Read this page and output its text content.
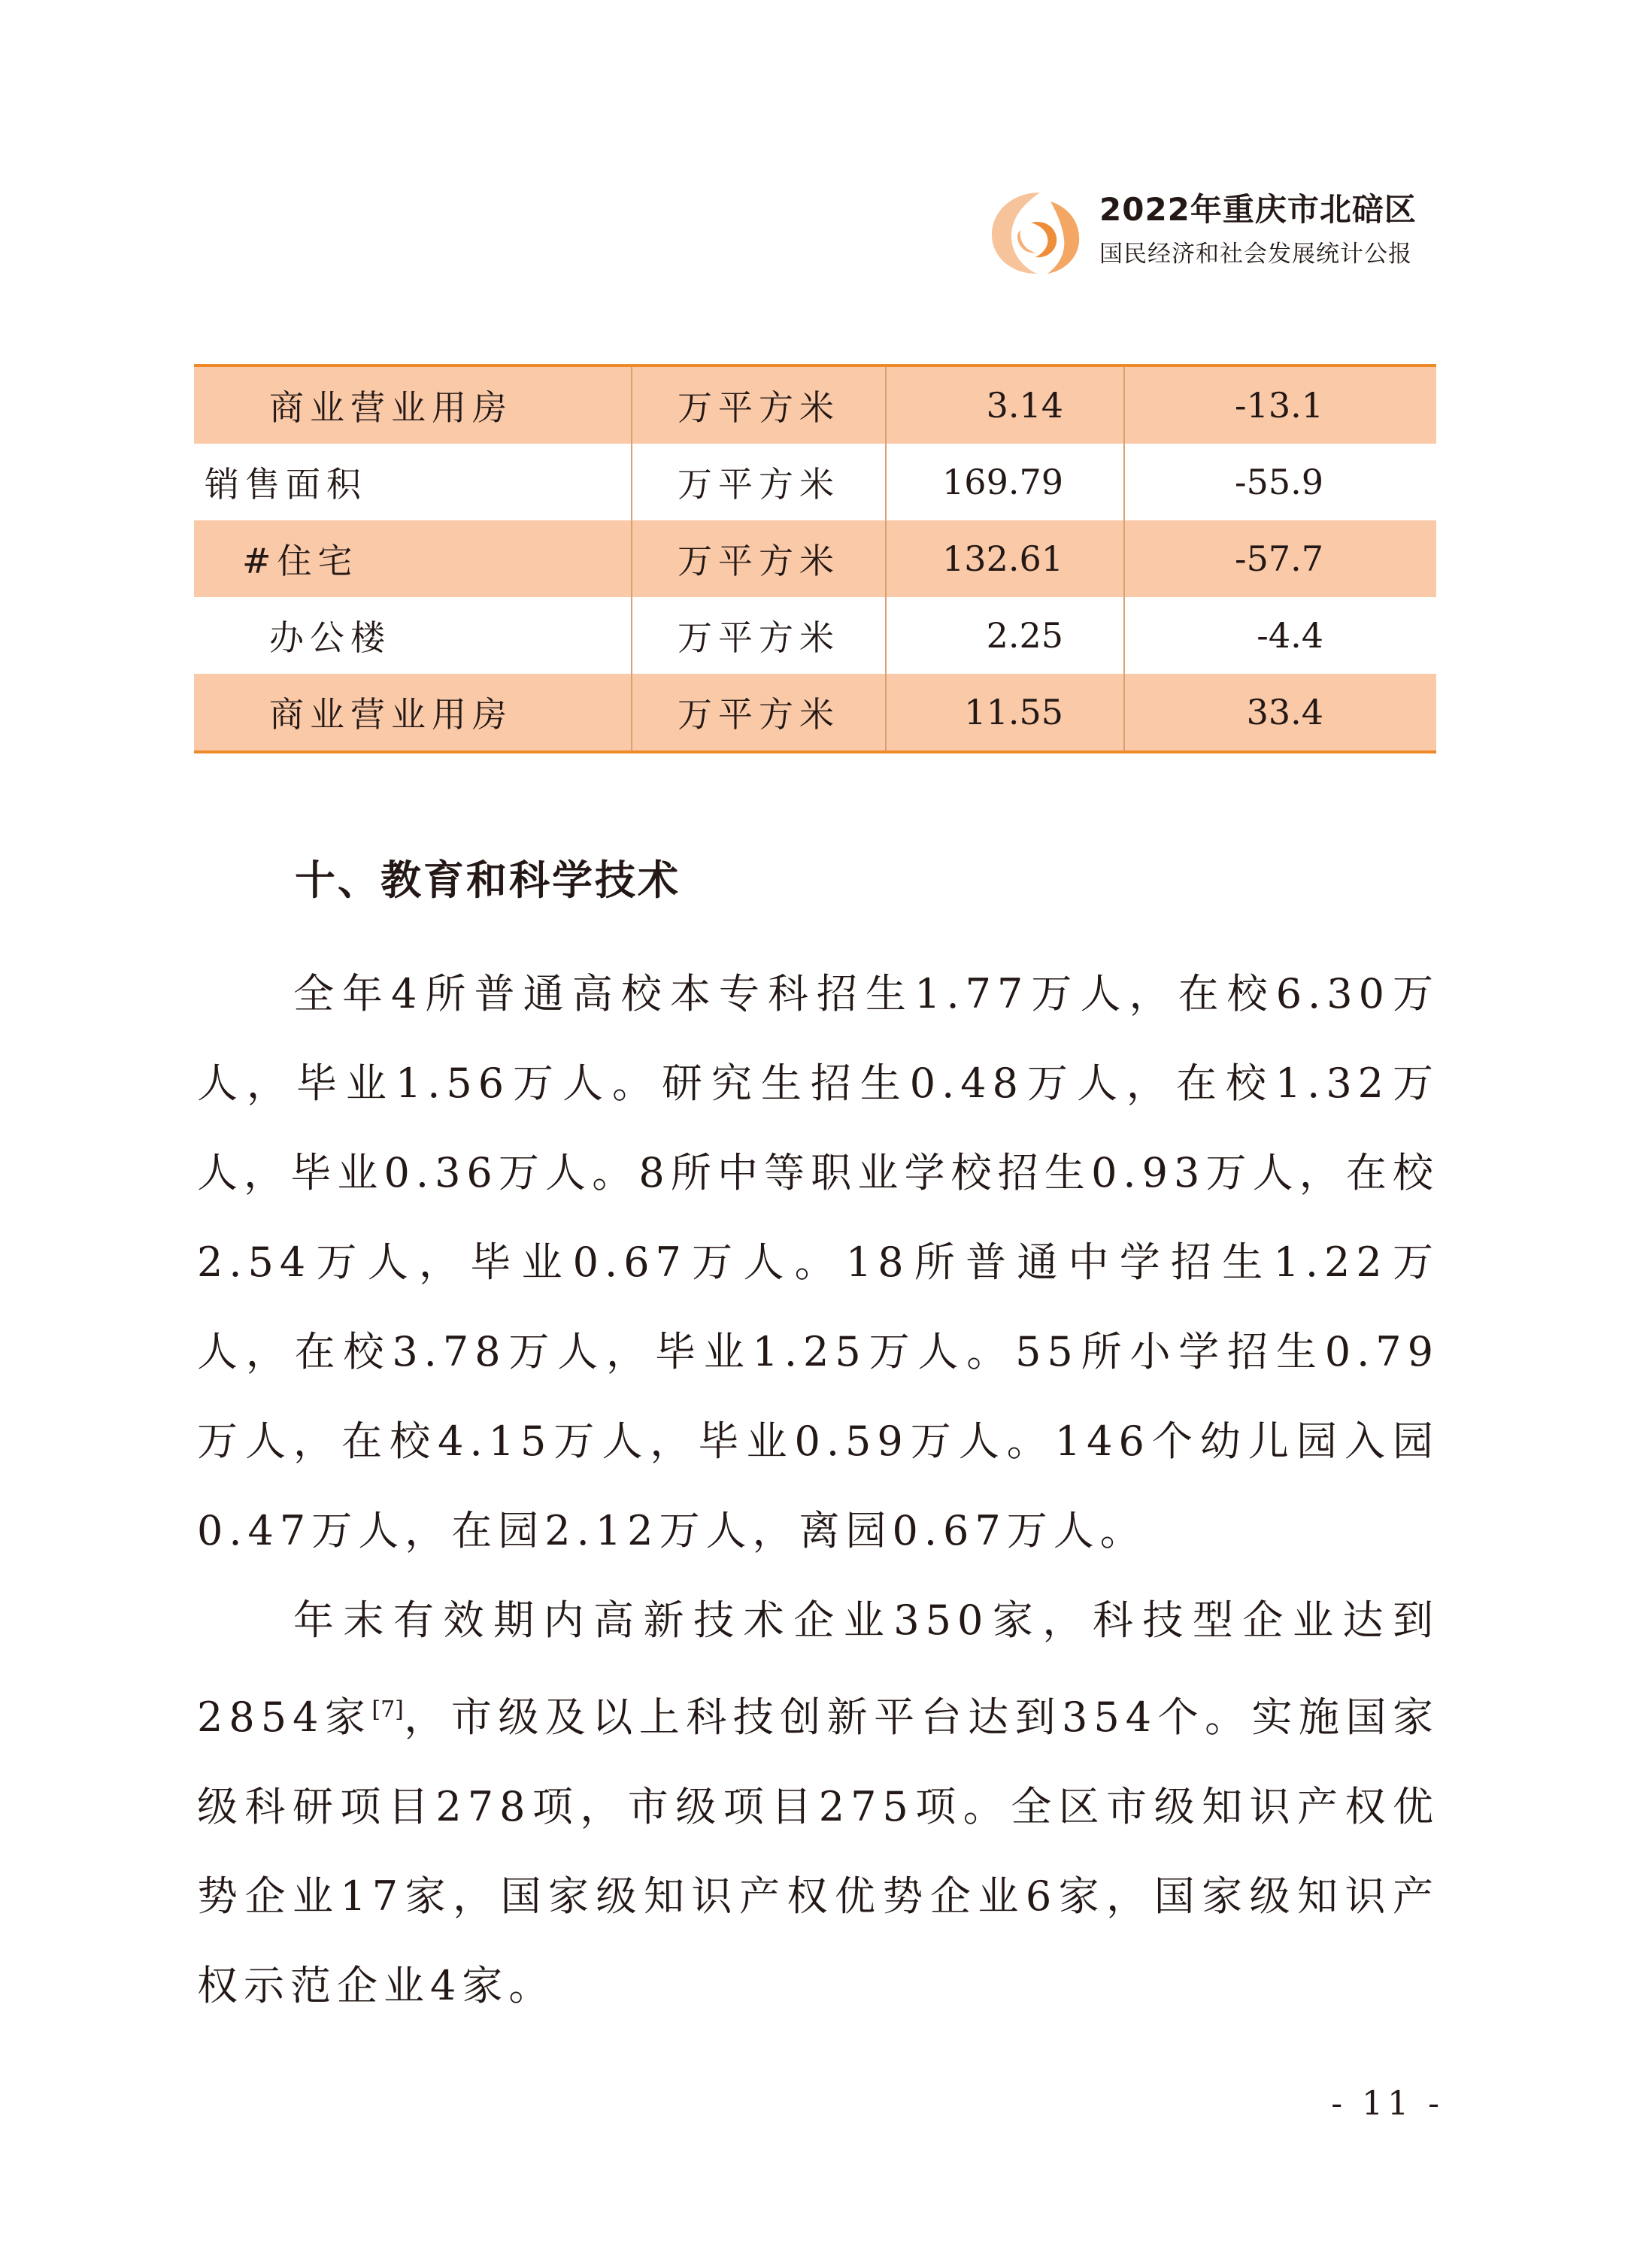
2022年重庆市北碚区
国民经济和社会发展统计公报
商业营业用房	万平方米	3.14	-13.1
销售面积	万平方米	169.79	-55.9
#住宅	万平方米	132.61	-57.7
办公楼	万平方米	2.25	-4.4
商业营业用房	万平方米	11.55	33.4
十、教育和科学技术

全年4所普通高校本专科招生1.77万人，在校6.30万人，毕业1.56万人。研究生招生0.48万人，在校1.32万人，毕业0.36万人。8所中等职业学校招生0.93万人，在校2.54万人，毕业0.67万人。18所普通中学招生1.22万人，在校3.78万人，毕业1.25万人。55所小学招生0.79万人，在校4.15万人，毕业0.59万人。146个幼儿园入园0.47万人，在园2.12万人，离园0.67万人。

年末有效期内高新技术企业350家，科技型企业达到2854家[7]，市级及以上科技创新平台达到354个。实施国家级科研项目278项，市级项目275项。全区市级知识产权优势企业17家，国家级知识产权优势企业6家，国家级知识产权示范企业4家。

- 11 -
